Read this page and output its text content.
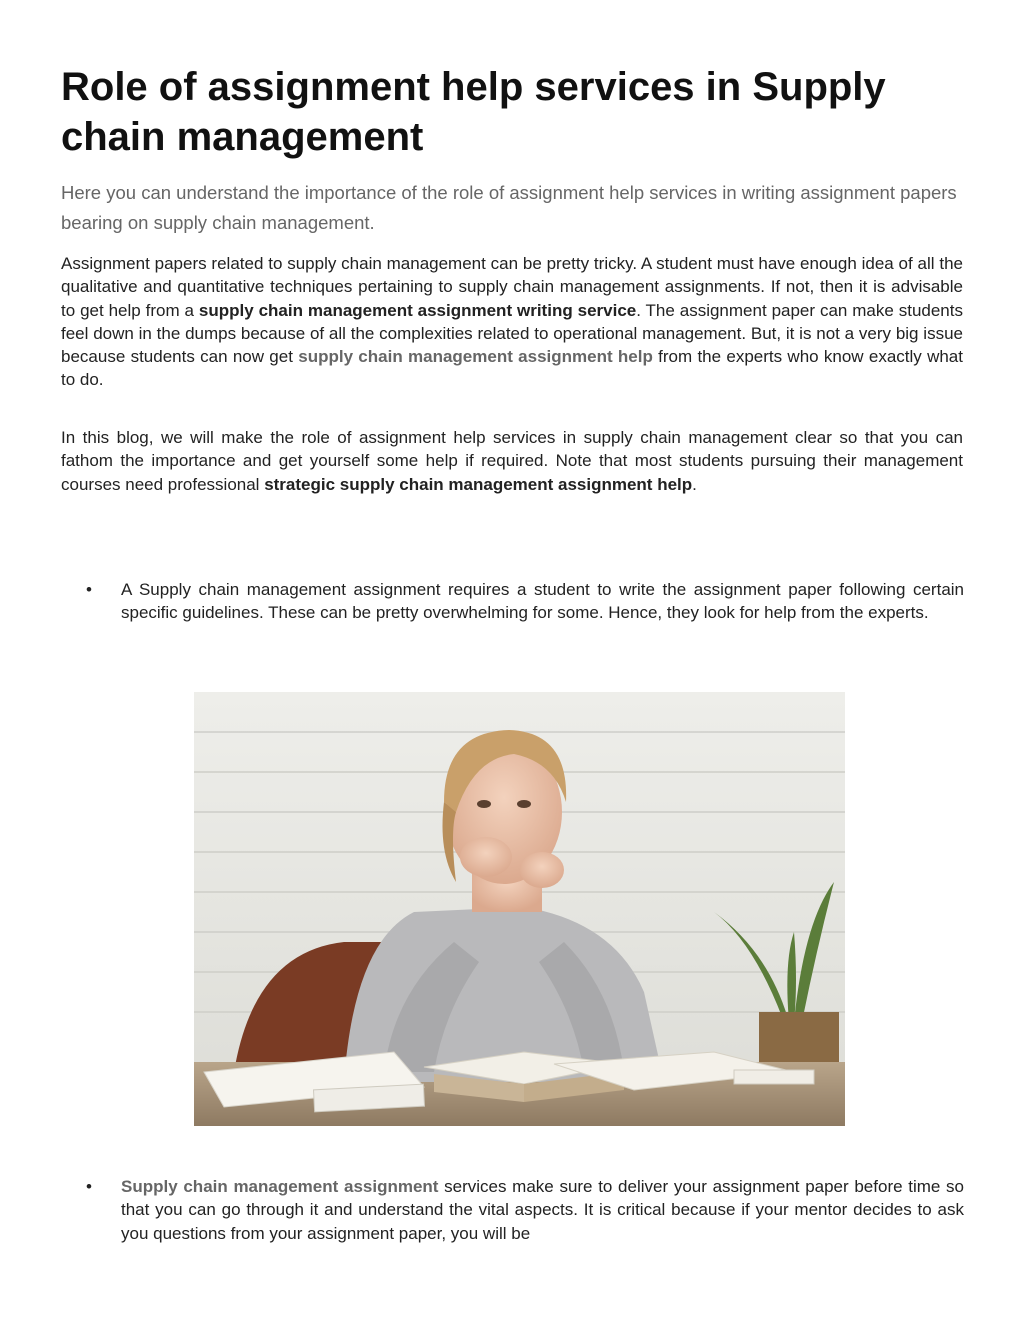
Role of assignment help services in Supply chain management

Here you can understand the importance of the role of assignment help services in writing assignment papers bearing on supply chain management.

Assignment papers related to supply chain management can be pretty tricky. A student must have enough idea of all the qualitative and quantitative techniques pertaining to supply chain management assignments. If not, then it is advisable to get help from a supply chain management assignment writing service. The assignment paper can make students feel down in the dumps because of all the complexities related to operational management. But, it is not a very big issue because students can now get supply chain management assignment help from the experts who know exactly what to do.

In this blog, we will make the role of assignment help services in supply chain management clear so that you can fathom the importance and get yourself some help if required. Note that most students pursuing their management courses need professional strategic supply chain management assignment help.

• A Supply chain management assignment requires a student to write the assignment paper following certain specific guidelines. These can be pretty overwhelming for some. Hence, they look for help from the experts.

• Supply chain management assignment services make sure to deliver your assignment paper before time so that you can go through it and understand the vital aspects. It is critical because if your mentor decides to ask you questions from your assignment paper, you will be
